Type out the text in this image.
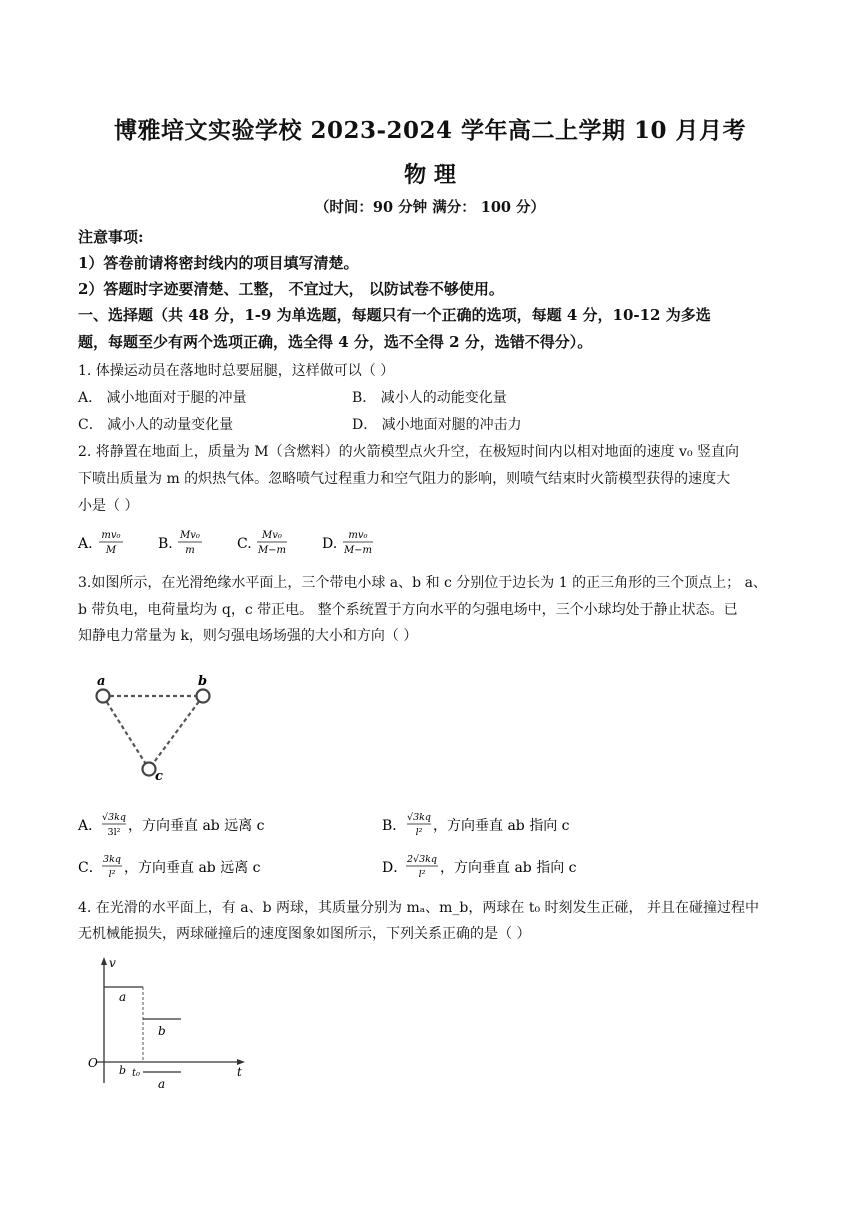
博雅培文实验学校 2023-2024 学年高二上学期 10 月月考
物 理
（时间：90 分钟 满分： 100 分）
注意事项:
1）答卷前请将密封线内的项目填写清楚。
2）答题时字迹要清楚、工整， 不宜过大， 以防试卷不够使用。
一、选择题（共 48 分，1-9 为单选题，每题只有一个正确的选项，每题 4 分，10-12 为多选
题，每题至少有两个选项正确，选全得 4 分，选不全得 2 分，选错不得分）。
1. 体操运动员在落地时总要屈腿，这样做可以（ ）
A． 减小地面对于腿的冲量	B． 减小人的动能变化量
C． 减小人的动量变化量	D． 减小地面对腿的冲击力
2. 将静置在地面上，质量为 M（含燃料）的火箭模型点火升空，在极短时间内以相对地面的速度 v₀ 竖直向
下喷出质量为 m 的炽热气体。忽略喷气过程重力和空气阻力的影响，则喷气结束时火箭模型获得的速度大
小是（ ）
A.
mv₀
M	B.
Mv₀
m	C.
Mv₀
M−m	D.
mv₀
M−m
3.如图所示，在光滑绝缘水平面上，三个带电小球 a、b 和 c 分别位于边长为 1 的正三角形的三个顶点上； a、
b 带负电，电荷量均为 q，c 带正电。 整个系统置于方向水平的匀强电场中，三个小球均处于静止状态。已
知静电力常量为 k，则匀强电场场强的大小和方向（ ）
a	b
c
A．
√3kq
3l² ，方向垂直 ab 远离 c	B．
√3kq
l² ，方向垂直 ab 指向 c
C．
3kq
l² ，方向垂直 ab 远离 c	D．
2√3kq
l² ，方向垂直 ab 指向 c
4. 在光滑的水平面上，有 a、b 两球，其质量分别为 mₐ、m_b，两球在 t₀ 时刻发生正碰， 并且在碰撞过程中
无机械能损失，两球碰撞后的速度图象如图所示，下列关系正确的是（ ）
v
t
O
a
b
b t₀
a
